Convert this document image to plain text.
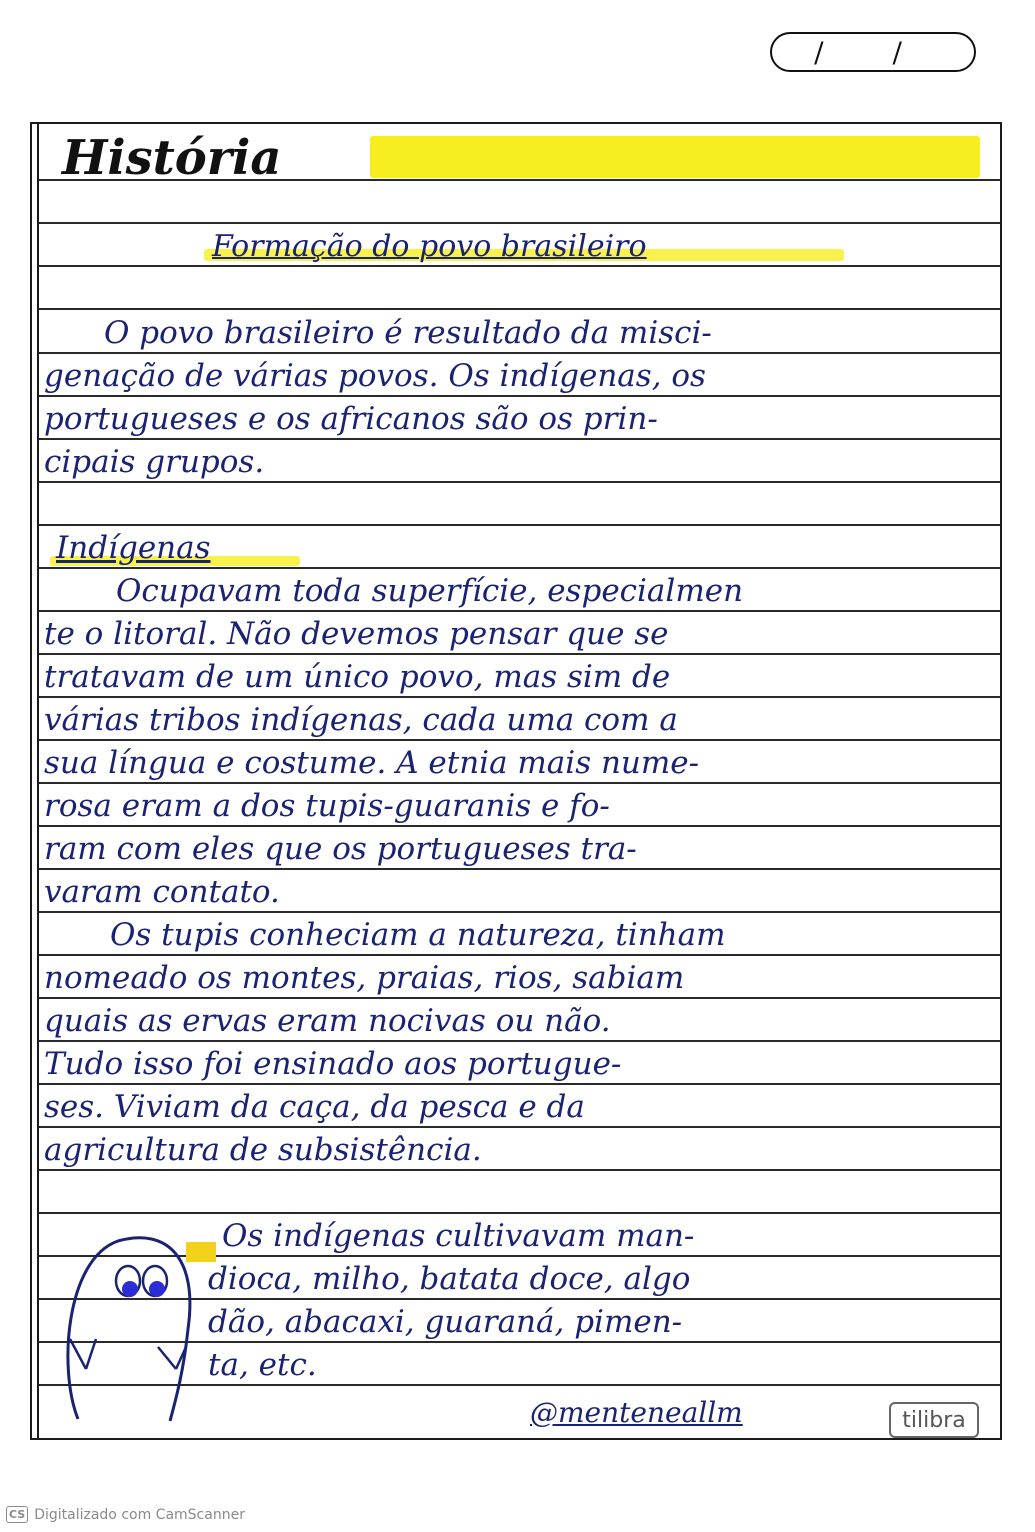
/ /
História
Formação do povo brasileiro

O povo brasileiro é resultado da misci-

genação de várias povos. Os indígenas, os

portugueses e os africanos são os prin-

cipais grupos.

Indígenas

Ocupavam toda superfície, especialmen

te o litoral. Não devemos pensar que se

tratavam de um único povo, mas sim de

várias tribos indígenas, cada uma com a

sua língua e costume. A etnia mais nume-

rosa eram a dos tupis-guaranis e fo-

ram com eles que os portugueses tra-

varam contato.

Os tupis conheciam a natureza, tinham

nomeado os montes, praias, rios, sabiam

quais as ervas eram nocivas ou não.

Tudo isso foi ensinado aos portugue-

ses. Viviam da caça, da pesca e da

agricultura de subsistência.

Os indígenas cultivavam man-

dioca, milho, batata doce, algo

dão, abacaxi, guaraná, pimen-

ta, etc.

@menteneallm	tilibra
CS Digitalizado com CamScanner
